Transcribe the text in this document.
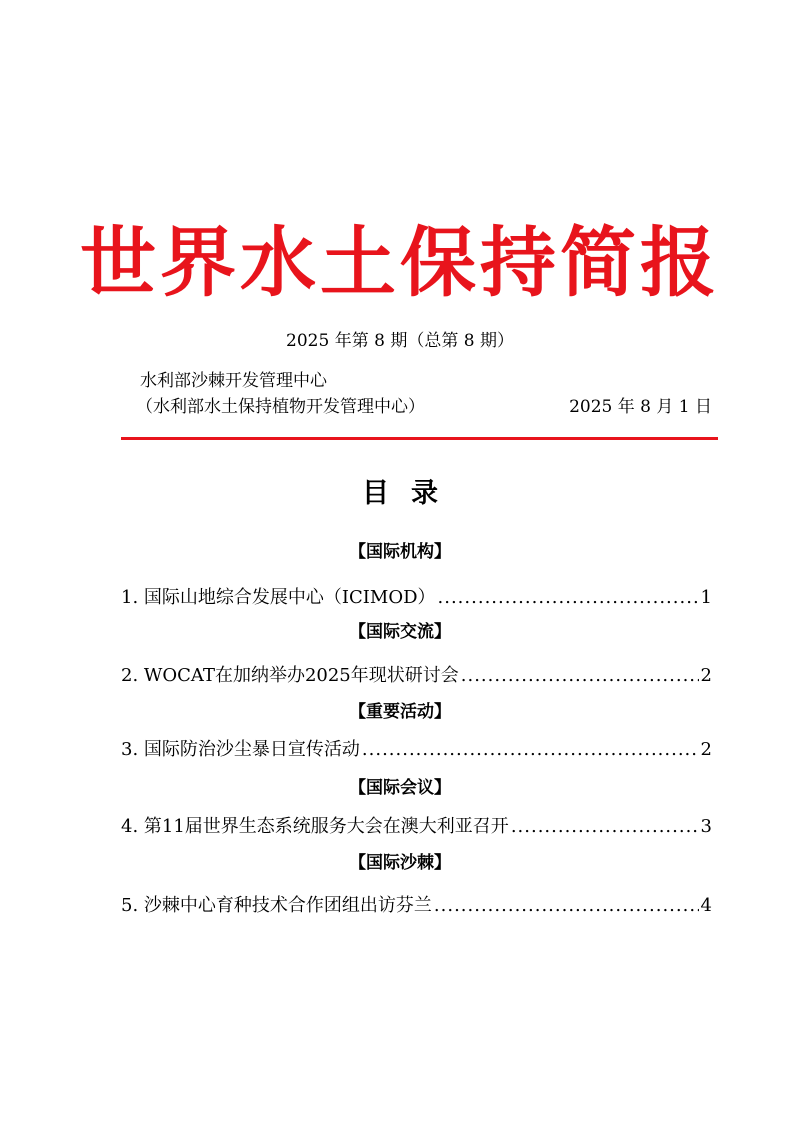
世界水土保持简报
2025 年第 8 期（总第 8 期）
水利部沙棘开发管理中心
（水利部水土保持植物开发管理中心）	2025 年 8 月 1 日
目录
【国际机构】
1. 国际山地综合发展中心（ICIMOD） .....	1
【国际交流】
2. WOCAT在加纳举办2025年现状研讨会 .....	2
【重要活动】
3. 国际防治沙尘暴日宣传活动 .....	2
【国际会议】
4. 第11届世界生态系统服务大会在澳大利亚召开 .....	3
【国际沙棘】
5. 沙棘中心育种技术合作团组出访芬兰 .....	4
